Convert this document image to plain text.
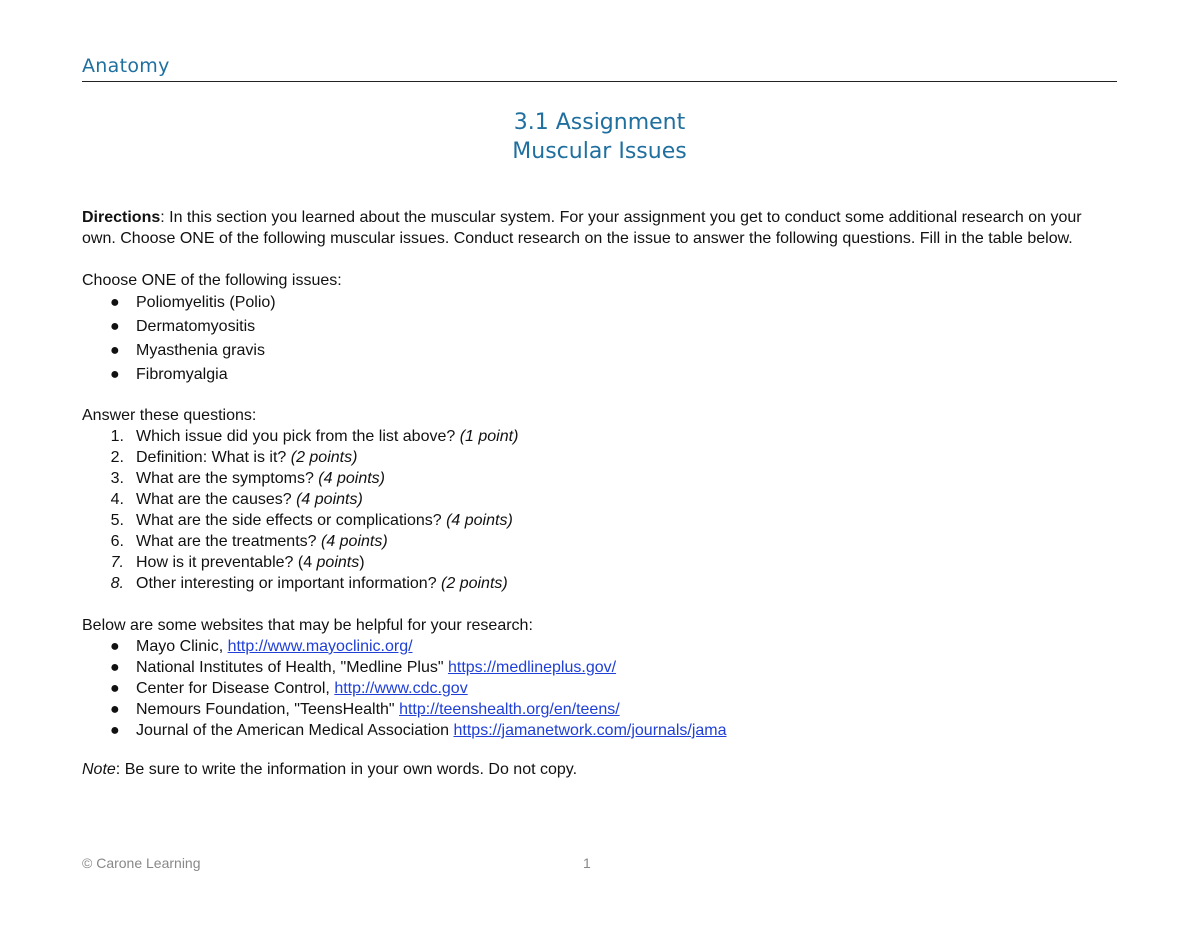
Anatomy
3.1 Assignment
Muscular Issues

Directions: In this section you learned about the muscular system. For your assignment you get to conduct some additional research on your own. Choose ONE of the following muscular issues. Conduct research on the issue to answer the following questions. Fill in the table below.

Choose ONE of the following issues:

● Poliomyelitis (Polio)
● Dermatomyositis
● Myasthenia gravis
● Fibromyalgia

Answer these questions:

1. Which issue did you pick from the list above? (1 point)
2. Definition: What is it? (2 points)
3. What are the symptoms? (4 points)
4. What are the causes? (4 points)
5. What are the side effects or complications? (4 points)
6. What are the treatments? (4 points)
7. How is it preventable? (4 points)
8. Other interesting or important information? (2 points)

Below are some websites that may be helpful for your research:

● Mayo Clinic, http://www.mayoclinic.org/
● National Institutes of Health, "Medline Plus" https://medlineplus.gov/
● Center for Disease Control, http://www.cdc.gov
● Nemours Foundation, "TeensHealth" http://teenshealth.org/en/teens/
● Journal of the American Medical Association https://jamanetwork.com/journals/jama

Note: Be sure to write the information in your own words. Do not copy.

© Carone Learning	1
